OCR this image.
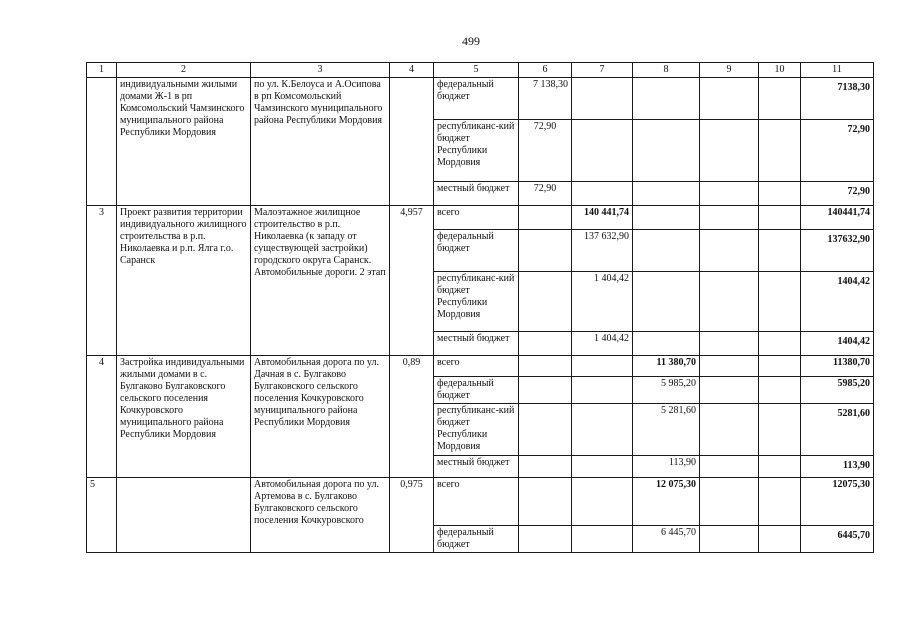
499
1	2	3	4	5	6	7	8	9	10	11
	индивидуальными жилыми домами Ж-1 в рп Комсомольский Чамзинского муниципального района Республики Мордовия	по ул. К.Белоуса и А.Осипова в рп Комсомольский Чамзинского муниципального района Республики Мордовия		федеральный бюджет	7 138,30					7138,30
				республиканс-кий бюджет Республики Мордовия	72,90					72,90
				местный бюджет	72,90					72,90
3	Проект развития территории индивидуального жилищного строительства в р.п. Николаевка и р.п. Ялга г.о. Саранск	Малоэтажное жилищное строительство в р.п. Николаевка (к западу от существующей застройки) городского округа Саранск. Автомобильные дороги. 2 этап	4,957	всего		140 441,74				140441,74
				федеральный бюджет		137 632,90				137632,90
				республиканс-кий бюджет Республики Мордовия		1 404,42				1404,42
				местный бюджет		1 404,42				1404,42
4	Застройка индивидуальными жилыми домами в с. Булгаково Булгаковского сельского поселения Кочкуровского муниципального района Республики Мордовия	Автомобильная дорога по ул. Дачная в с. Булгаково Булгаковского сельского поселения Кочкуровского муниципального района Республики Мордовия	0,89	всего			11 380,70			11380,70
				федеральный бюджет			5 985,20			5985,20
				республиканс-кий бюджет Республики Мордовия			5 281,60			5281,60
				местный бюджет			113,90			113,90
5		Автомобильная дорога по ул. Артемова в с. Булгаково Булгаковского сельского поселения Кочкуровского	0,975	всего			12 075,30			12075,30
				федеральный бюджет			6 445,70			6445,70
